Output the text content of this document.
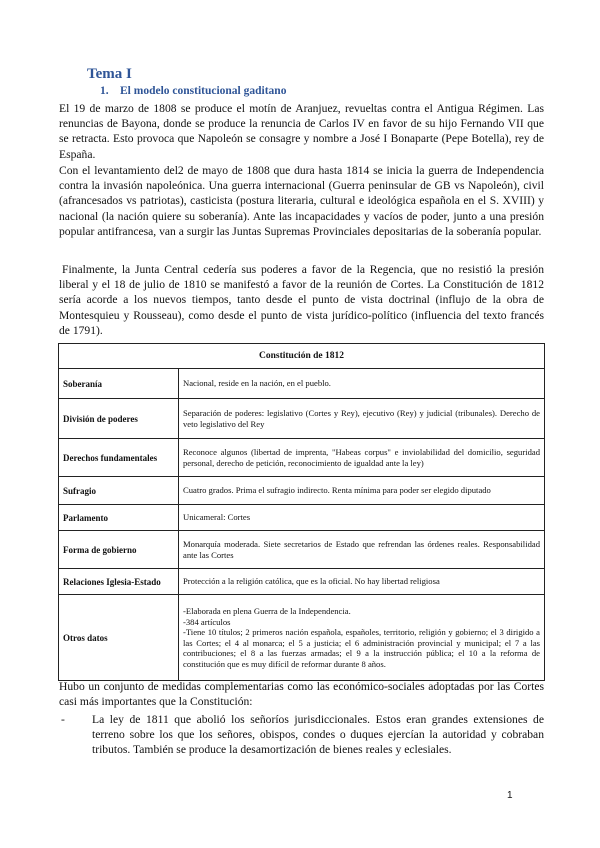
Tema I
1. El modelo constitucional gaditano

El 19 de marzo de 1808 se produce el motín de Aranjuez, revueltas contra el Antigua Régimen. Las renuncias de Bayona, donde se produce la renuncia de Carlos IV en favor de su hijo Fernando VII que se retracta. Esto provoca que Napoleón se consagre y nombre a José I Bonaparte (Pepe Botella), rey de España.

Con el levantamiento del2 de mayo de 1808 que dura hasta 1814 se inicia la guerra de Independencia contra la invasión napoleónica. Una guerra internacional (Guerra peninsular de GB vs Napoleón), civil (afrancesados vs patriotas), casticista (postura literaria, cultural e ideológica española en el S. XVIII) y nacional (la nación quiere su soberanía). Ante las incapacidades y vacíos de poder, junto a una presión popular antifrancesa, van a surgir las Juntas Supremas Provinciales depositarias de la soberanía popular.

Finalmente, la Junta Central cedería sus poderes a favor de la Regencia, que no resistió la presión liberal y el 18 de julio de 1810 se manifestó a favor de la reunión de Cortes. La Constitución de 1812 sería acorde a los nuevos tiempos, tanto desde el punto de vista doctrinal (influjo de la obra de Montesquieu y Rousseau), como desde el punto de vista jurídico-político (influencia del texto francés de 1791).

Constitución de 1812	
Soberanía	Nacional, reside en la nación, en el pueblo.
División de poderes	Separación de poderes: legislativo (Cortes y Rey), ejecutivo (Rey) y judicial (tribunales). Derecho de veto legislativo del Rey
Derechos fundamentales	Reconoce algunos (libertad de imprenta, "Habeas corpus" e inviolabilidad del domicilio, seguridad personal, derecho de petición, reconocimiento de igualdad ante la ley)
Sufragio	Cuatro grados. Prima el sufragio indirecto. Renta mínima para poder ser elegido diputado
Parlamento	Unicameral: Cortes
Forma de gobierno	Monarquía moderada. Siete secretarios de Estado que refrendan las órdenes reales. Responsabilidad ante las Cortes
Relaciones Iglesia-Estado	Protección a la religión católica, que es la oficial. No hay libertad religiosa
Otros datos	-Elaborada en plena Guerra de la Independencia.
-384 artículos
-Tiene 10 títulos; 2 primeros nación española, españoles, territorio, religión y gobierno; el 3 dirigido a las Cortes; el 4 al monarca; el 5 a justicia; el 6 administración provincial y municipal; el 7 a las contribuciones; el 8 a las fuerzas armadas; el 9 a la instrucción pública; el 10 a la reforma de constitución que es muy difícil de reformar durante 8 años.

Hubo un conjunto de medidas complementarias como las económico-sociales adoptadas por las Cortes casi más importantes que la Constitución:

- La ley de 1811 que abolió los señoríos jurisdiccionales. Estos eran grandes extensiones de terreno sobre los que los señores, obispos, condes o duques ejercían la autoridad y cobraban tributos. También se produce la desamortización de bienes reales y eclesiales.
1
